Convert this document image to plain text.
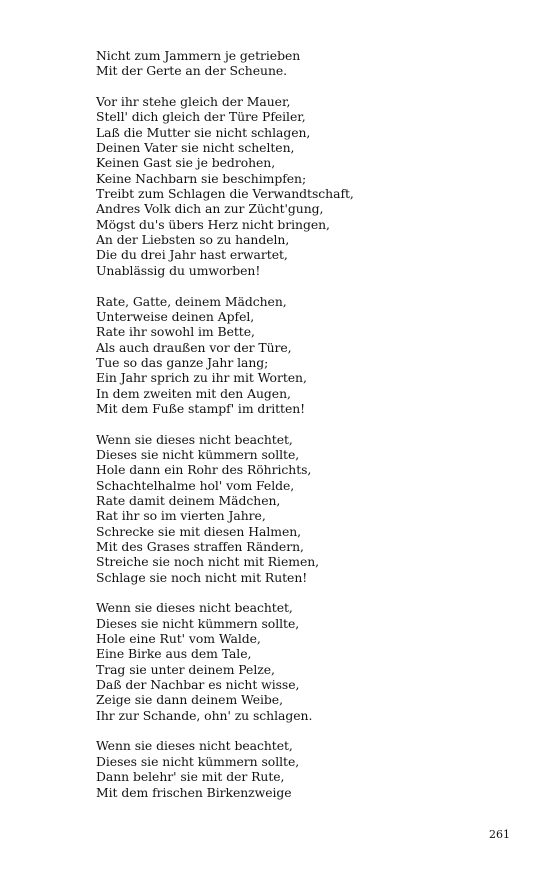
Nicht zum Jammern je getrieben
Mit der Gerte an der Scheune.
Vor ihr stehe gleich der Mauer,
Stell' dich gleich der Türe Pfeiler,
Laß die Mutter sie nicht schlagen,
Deinen Vater sie nicht schelten,
Keinen Gast sie je bedrohen,
Keine Nachbarn sie beschimpfen;
Treibt zum Schlagen die Verwandtschaft,
Andres Volk dich an zur Zücht'gung,
Mögst du's übers Herz nicht bringen,
An der Liebsten so zu handeln,
Die du drei Jahr hast erwartet,
Unablässig du umworben!
Rate, Gatte, deinem Mädchen,
Unterweise deinen Apfel,
Rate ihr sowohl im Bette,
Als auch draußen vor der Türe,
Tue so das ganze Jahr lang;
Ein Jahr sprich zu ihr mit Worten,
In dem zweiten mit den Augen,
Mit dem Fuße stampf' im dritten!
Wenn sie dieses nicht beachtet,
Dieses sie nicht kümmern sollte,
Hole dann ein Rohr des Röhrichts,
Schachtelhalme hol' vom Felde,
Rate damit deinem Mädchen,
Rat ihr so im vierten Jahre,
Schrecke sie mit diesen Halmen,
Mit des Grases straffen Rändern,
Streiche sie noch nicht mit Riemen,
Schlage sie noch nicht mit Ruten!
Wenn sie dieses nicht beachtet,
Dieses sie nicht kümmern sollte,
Hole eine Rut' vom Walde,
Eine Birke aus dem Tale,
Trag sie unter deinem Pelze,
Daß der Nachbar es nicht wisse,
Zeige sie dann deinem Weibe,
Ihr zur Schande, ohn' zu schlagen.
Wenn sie dieses nicht beachtet,
Dieses sie nicht kümmern sollte,
Dann belehr' sie mit der Rute,
Mit dem frischen Birkenzweige
261
